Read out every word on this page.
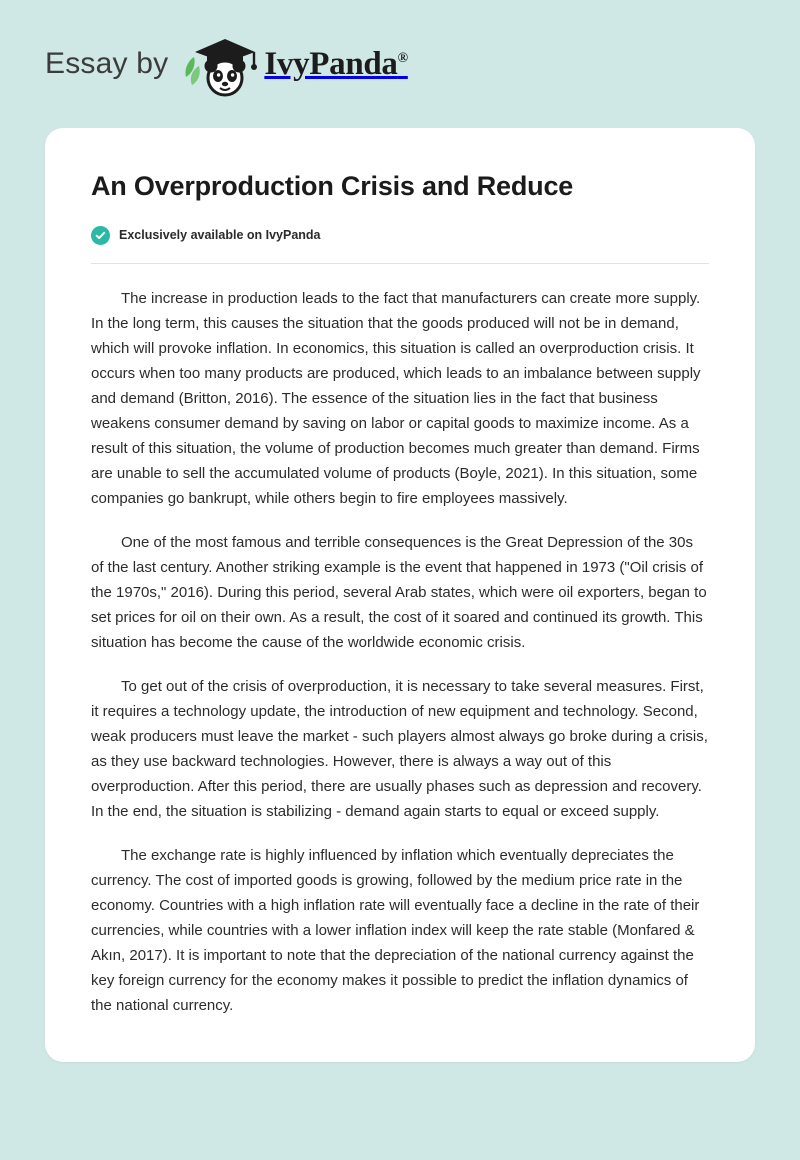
Essay by	IvyPanda®
An Overproduction Crisis and Reduce
Exclusively available on IvyPanda

The increase in production leads to the fact that manufacturers can create more supply. In the long term, this causes the situation that the goods produced will not be in demand, which will provoke inflation. In economics, this situation is called an overproduction crisis. It occurs when too many products are produced, which leads to an imbalance between supply and demand (Britton, 2016). The essence of the situation lies in the fact that business weakens consumer demand by saving on labor or capital goods to maximize income. As a result of this situation, the volume of production becomes much greater than demand. Firms are unable to sell the accumulated volume of products (Boyle, 2021). In this situation, some companies go bankrupt, while others begin to fire employees massively.

One of the most famous and terrible consequences is the Great Depression of the 30s of the last century. Another striking example is the event that happened in 1973 ("Oil crisis of the 1970s," 2016). During this period, several Arab states, which were oil exporters, began to set prices for oil on their own. As a result, the cost of it soared and continued its growth. This situation has become the cause of the worldwide economic crisis.

To get out of the crisis of overproduction, it is necessary to take several measures. First, it requires a technology update, the introduction of new equipment and technology. Second, weak producers must leave the market - such players almost always go broke during a crisis, as they use backward technologies. However, there is always a way out of this overproduction. After this period, there are usually phases such as depression and recovery. In the end, the situation is stabilizing - demand again starts to equal or exceed supply.

The exchange rate is highly influenced by inflation which eventually depreciates the currency. The cost of imported goods is growing, followed by the medium price rate in the economy. Countries with a high inflation rate will eventually face a decline in the rate of their currencies, while countries with a lower inflation index will keep the rate stable (Monfared & Akın, 2017). It is important to note that the depreciation of the national currency against the key foreign currency for the economy makes it possible to predict the inflation dynamics of the national currency.
